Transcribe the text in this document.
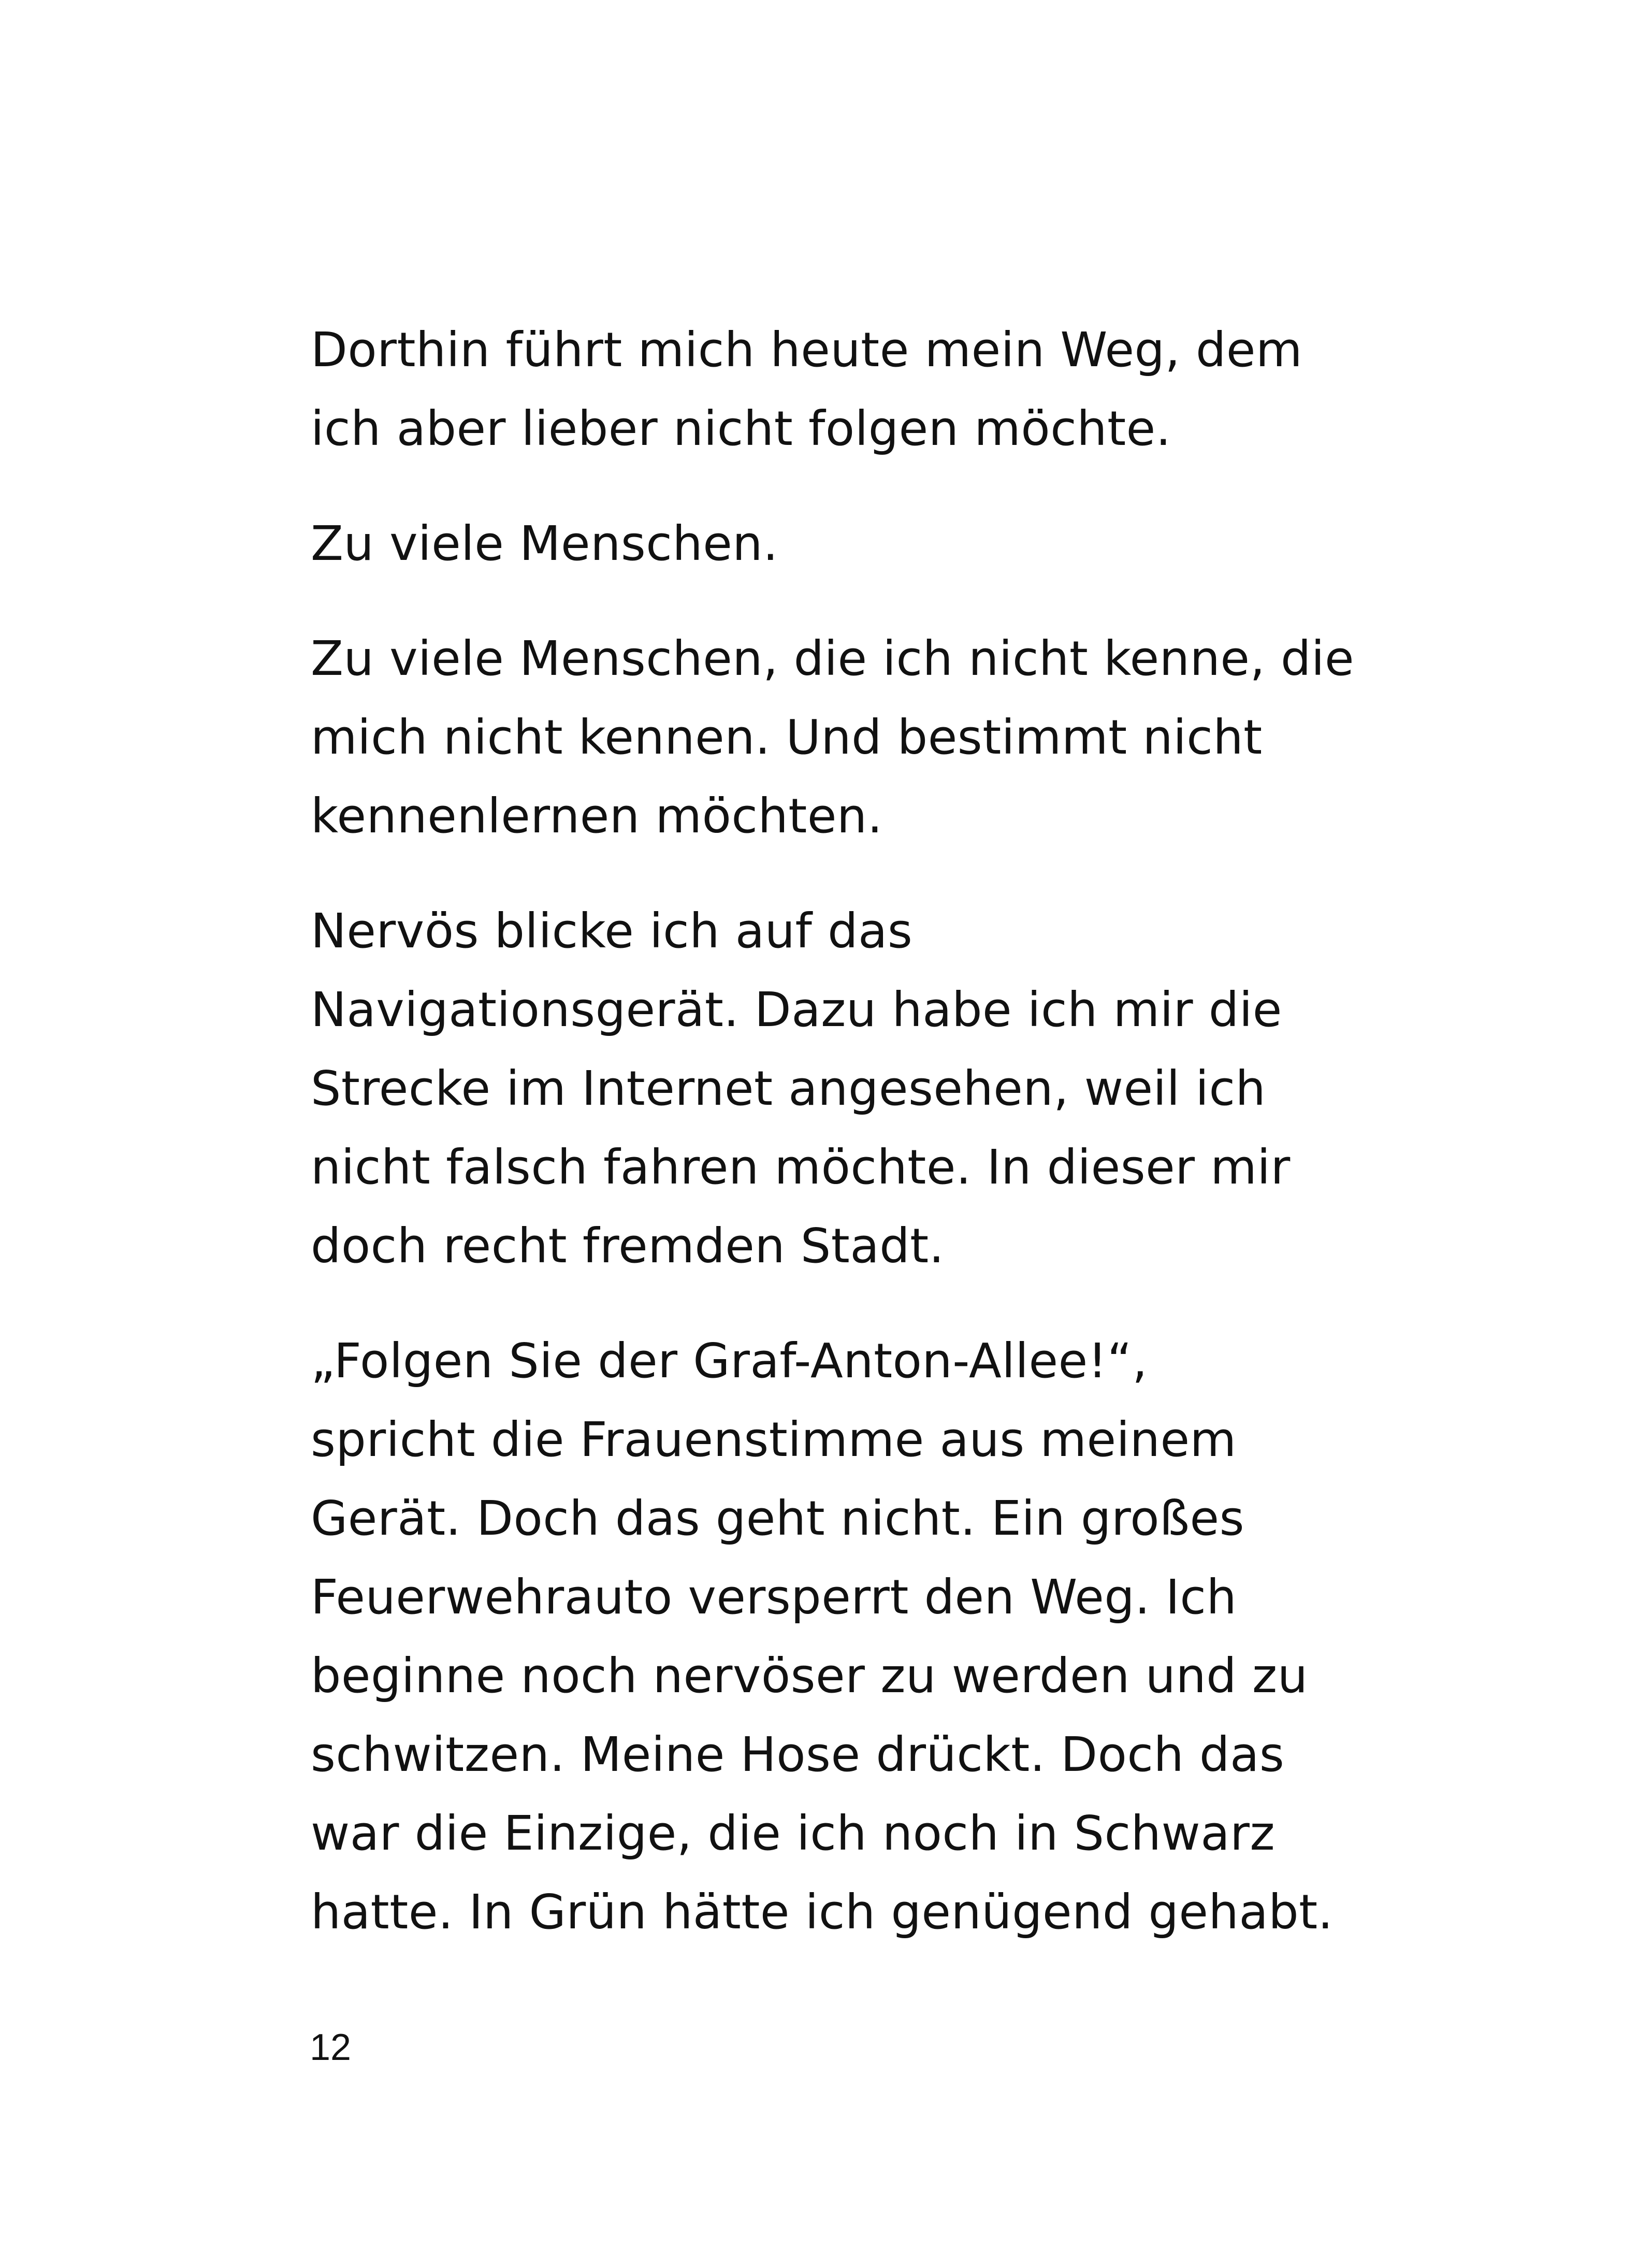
Dorthin führt mich heute mein Weg, dem
ich aber lieber nicht folgen möchte.

Zu viele Menschen.

Zu viele Menschen, die ich nicht kenne, die
mich nicht kennen. Und bestimmt nicht
kennenlernen möchten.

Nervös blicke ich auf das
Navigationsgerät. Dazu habe ich mir die
Strecke im Internet angesehen, weil ich
nicht falsch fahren möchte. In dieser mir
doch recht fremden Stadt.

„Folgen Sie der Graf-Anton-Allee!“,
spricht die Frauenstimme aus meinem
Gerät. Doch das geht nicht. Ein großes
Feuerwehrauto versperrt den Weg. Ich
beginne noch nervöser zu werden und zu
schwitzen. Meine Hose drückt. Doch das
war die Einzige, die ich noch in Schwarz
hatte. In Grün hätte ich genügend gehabt.

12
